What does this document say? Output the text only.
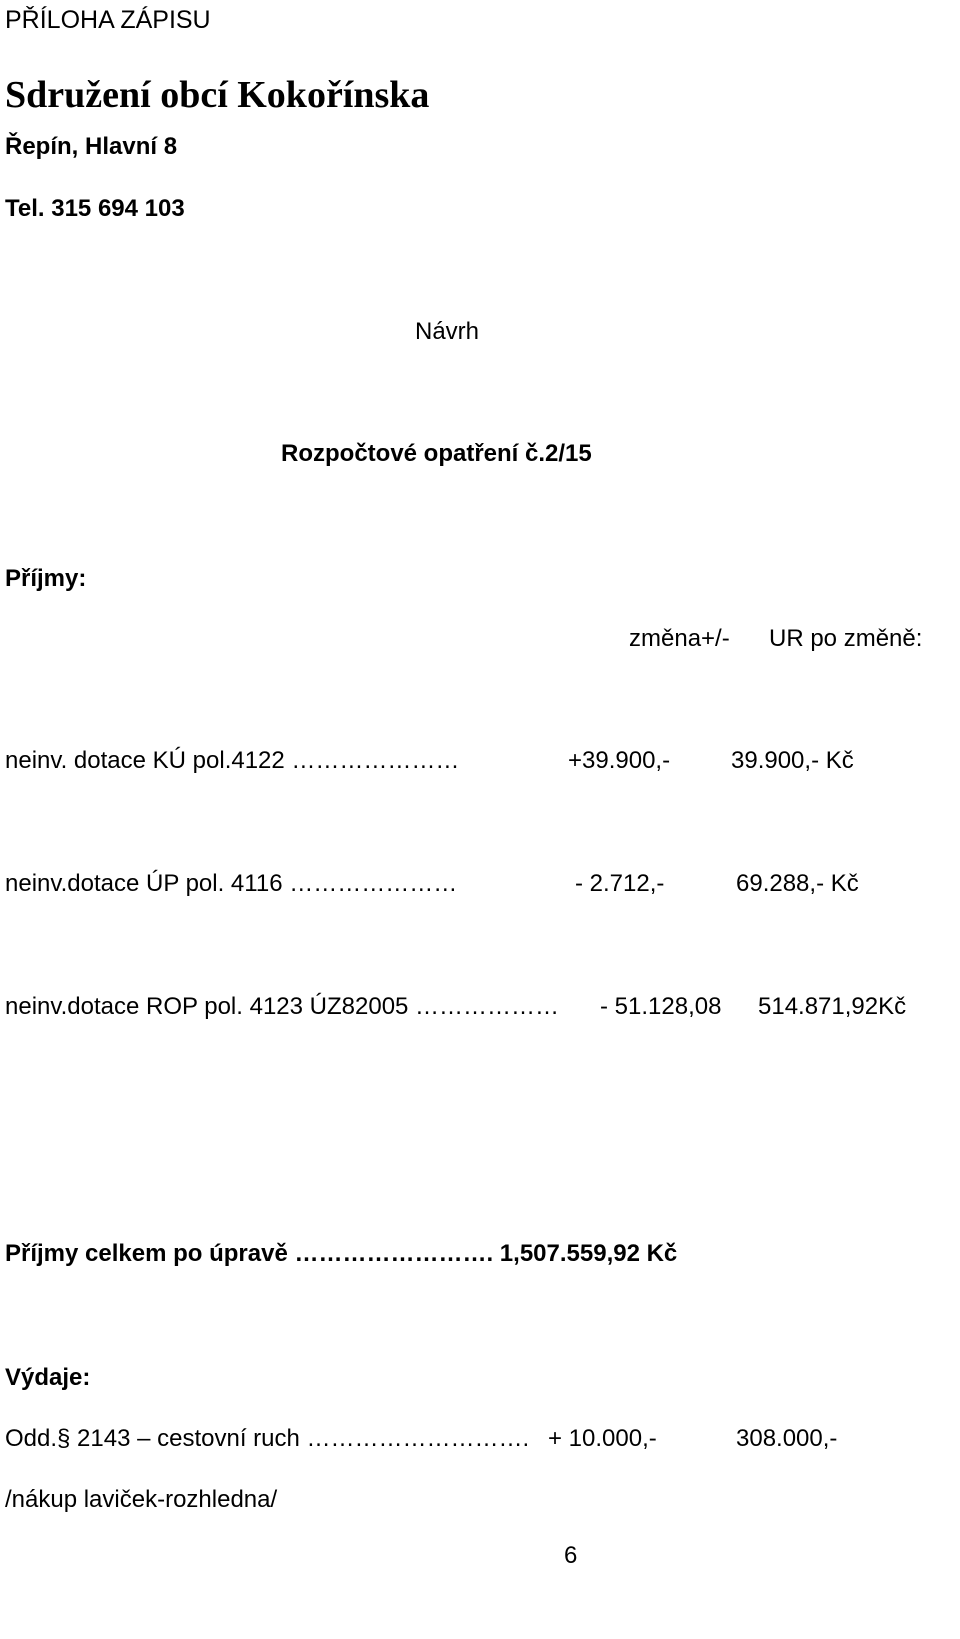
PŘÍLOHA ZÁPISU
Sdružení obcí Kokořínska
Řepín, Hlavní 8
Tel. 315 694 103
Návrh
Rozpočtové opatření č.2/15
Příjmy:
změna+/- UR po změně:
neinv. dotace KÚ pol.4122 …………………	+39.900,-	39.900,- Kč
neinv.dotace ÚP pol. 4116 …………………	- 2.712,-	69.288,- Kč
neinv.dotace ROP pol. 4123 ÚZ82005 ……………… - 51.128,08 514.871,92Kč
Příjmy celkem po úpravě ……………………. 1,507.559,92 Kč
Výdaje:
Odd.§ 2143 – cestovní ruch ………………………. + 10.000,-	308.000,-
/nákup laviček-rozhledna/
6
